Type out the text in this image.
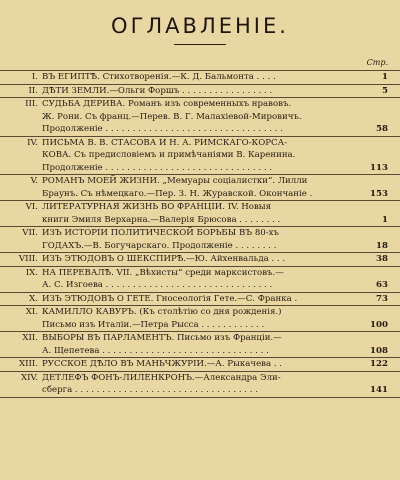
ОГЛАВЛЕНІЕ.
Стр.
I. ВЪ ЕГИПТѢ. Стихотворенія.—К. Д. Бальмонта . . . .	1
II. ДѢТИ ЗЕМЛИ.—Ольги Форшъ . . . . . . . . . . . . . . . . .	5
III. СУДЬБА ДЕРИВА. Романъ изъ современныхъ нравовъ.
Ж. Рони. Съ франц.—Перев. В. Г. Малахіевой-Мировичъ.
Продолженіе . . . . . . . . . . . . . . . . . . . . . . . . . . . . . . . . .	58
IV. ПИСЬМА В. В. СТАСОВА И Н. А. РИМСКАГО-КОРСА-
КОВА. Съ предисловіемъ и примѣчаніями В. Каренина.
Продолженіе . . . . . . . . . . . . . . . . . . . . . . . . . . . . . . .	113
V. РОМАНЪ МОЕЙ ЖИЗНИ. „Мемуары соціалистки“. Лилли
Браунъ. Съ нѣмецкаго.—Пер. З. Н. Журавской. Окончаніе .	153
VI. ЛИТЕРАТУРНАЯ ЖИЗНЬ ВО ФРАНЦІИ. IV. Новыя
книги Эмиля Верхарна.—Валерія Брюсова . . . . . . . .	1
VII. ИЗЪ ИСТОРІИ ПОЛИТИЧЕСКОЙ БОРЬБЫ ВЪ 80-хъ
ГОДАХЪ.—В. Богучарскаго. Продолженіе . . . . . . . .	18
VIII. ИЗЪ ЭТЮДОВЪ О ШЕКСПИРѢ.—Ю. Айхенвальда . . .	38
IX. НА ПЕРЕВАЛѢ. VII. „Вѣхисты“ среди марксистовъ.—
А. С. Изгоева . . . . . . . . . . . . . . . . . . . . . . . . . . . . . . .	63
X. ИЗЪ ЭТЮДОВЪ О ГЕТЕ. Гносеологія Гете.—С. Франка .	73
XI. КАМИЛЛО КАВУРЪ. (Къ столѣтію со дня рожденія.)
Письмо изъ Италіи.—Петра Рысса . . . . . . . . . . . .	100
XII. ВЫБОРЫ ВЪ ПАРЛАМЕНТЪ. Письмо изъ Франціи.—
А. Щепетева . . . . . . . . . . . . . . . . . . . . . . . . . . . . . . .	108
XIII. РУССКОЕ ДѢЛО ВЪ МАНЬЧЖУРІИ.—А. Рыкачева . .	122
XIV. ДЕТЛЕФЪ ФОНЪ-ЛИЛЕНКРОНЪ.—Александра Эли-
сберга . . . . . . . . . . . . . . . . . . . . . . . . . . . . . . . . . .	141
